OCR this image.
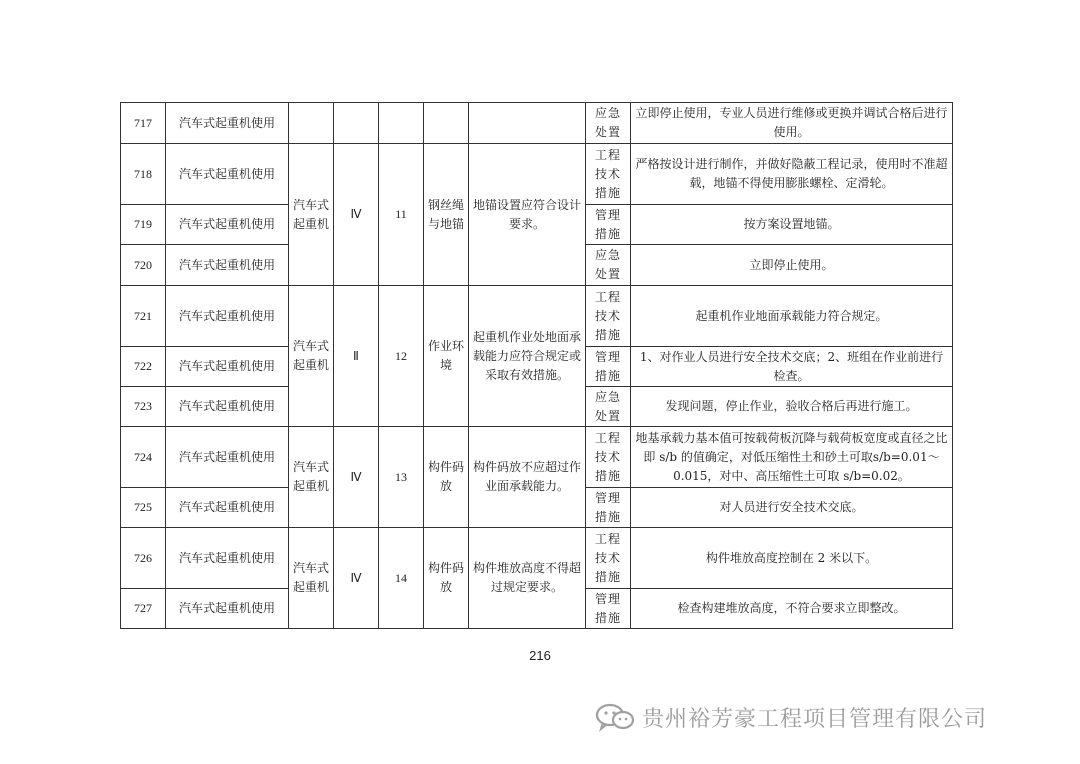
717	汽车式起重机使用						应急处置	立即停止使用，专业人员进行维修或更换并调试合格后进行使用。
718	汽车式起重机使用	汽车式起重机	Ⅳ	11	钢丝绳与地锚	地锚设置应符合设计要求。	工程技术措施	严格按设计进行制作，并做好隐蔽工程记录，使用时不准超载，地锚不得使用膨胀螺栓、定滑轮。
719	汽车式起重机使用						管理措施	按方案设置地锚。
720	汽车式起重机使用						应急处置	立即停止使用。
721	汽车式起重机使用	汽车式起重机	Ⅱ	12	作业环境	起重机作业处地面承载能力应符合规定或采取有效措施。	工程技术措施	起重机作业地面承载能力符合规定。
722	汽车式起重机使用						管理措施	1、对作业人员进行安全技术交底；2、班组在作业前进行检查。
723	汽车式起重机使用						应急处置	发现问题，停止作业，验收合格后再进行施工。
724	汽车式起重机使用	汽车式起重机	Ⅳ	13	构件码放	构件码放不应超过作业面承载能力。	工程技术措施	地基承载力基本值可按载荷板沉降与载荷板宽度或直径之比即 s/b 的值确定，对低压缩性土和砂土可取s/b=0.01～0.015，对中、高压缩性土可取 s/b=0.02。
725	汽车式起重机使用						管理措施	对人员进行安全技术交底。
726	汽车式起重机使用	汽车式起重机	Ⅳ	14	构件码放	构件堆放高度不得超过规定要求。	工程技术措施	构件堆放高度控制在 2 米以下。
727	汽车式起重机使用						管理措施	检查构建堆放高度，不符合要求立即整改。
216
贵州裕芳豪工程项目管理有限公司
